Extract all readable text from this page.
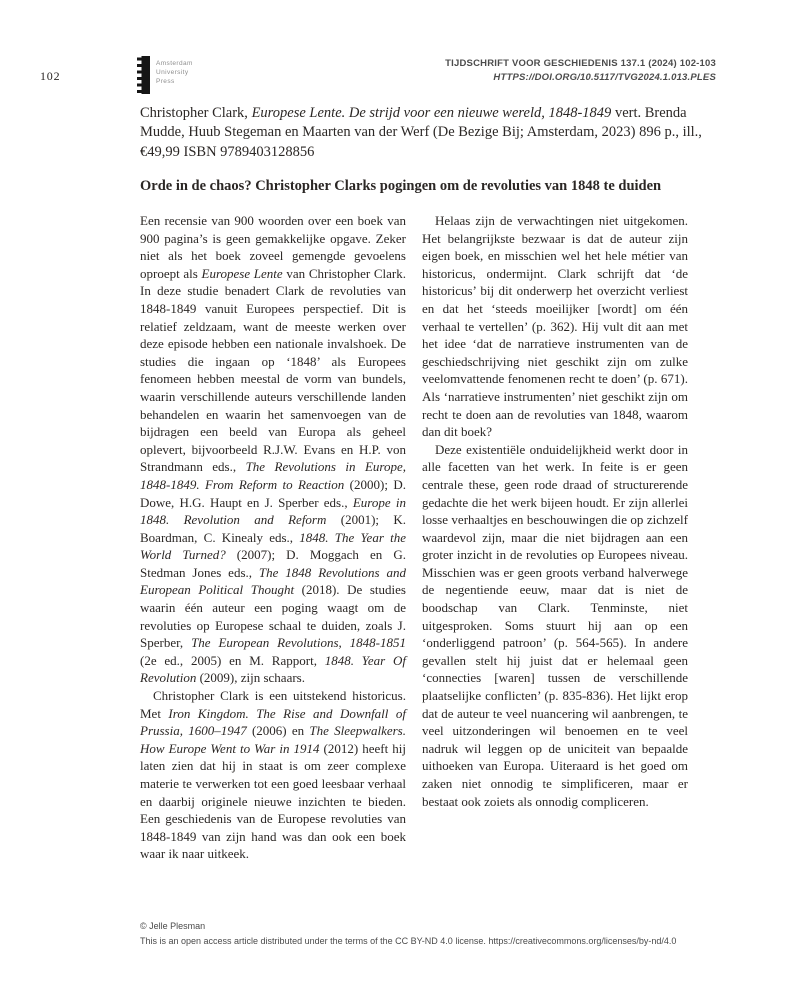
102
Amsterdam
University
Press
TIJDSCHRIFT VOOR GESCHIEDENIS 137.1 (2024) 102-103
HTTPS://DOI.ORG/10.5117/TVG2024.1.013.PLES

Christopher Clark, Europese Lente. De strijd voor een nieuwe wereld, 1848-1849 vert. Brenda Mudde, Huub Stegeman en Maarten van der Werf (De Bezige Bij; Amsterdam, 2023) 896 p., ill., €49,99 ISBN 9789403128856

Orde in de chaos? Christopher Clarks pogingen om de revoluties van 1848 te duiden

Een recensie van 900 woorden over een boek van 900 pagina’s is geen gemakkelijke opgave. Zeker niet als het boek zoveel gemengde gevoelens oproept als Europese Lente van Christopher Clark. In deze studie benadert Clark de revoluties van 1848-1849 vanuit Europees perspectief. Dit is relatief zeldzaam, want de meeste werken over deze episode hebben een nationale invalshoek. De studies die ingaan op ‘1848’ als Europees fenomeen hebben meestal de vorm van bundels, waarin verschillende auteurs verschillende landen behandelen en waarin het samenvoegen van de bijdragen een beeld van Europa als geheel oplevert, bijvoorbeeld R.J.W. Evans en H.P. von Strandmann eds., The Revolutions in Europe, 1848-1849. From Reform to Reaction (2000); D. Dowe, H.G. Haupt en J. Sperber eds., Europe in 1848. Revolution and Reform (2001); K. Boardman, C. Kinealy eds., 1848. The Year the World Turned? (2007); D. Moggach en G. Stedman Jones eds., The 1848 Revolutions and European Political Thought (2018). De studies waarin één auteur een poging waagt om de revoluties op Europese schaal te duiden, zoals J. Sperber, The European Revolutions, 1848-1851 (2e ed., 2005) en M. Rapport, 1848. Year Of Revolution (2009), zijn schaars.

Christopher Clark is een uitstekend historicus. Met Iron Kingdom. The Rise and Downfall of Prussia, 1600–1947 (2006) en The Sleepwalkers. How Europe Went to War in 1914 (2012) heeft hij laten zien dat hij in staat is om zeer complexe materie te verwerken tot een goed leesbaar verhaal en daarbij originele nieuwe inzichten te bieden. Een geschiedenis van de Europese revoluties van 1848-1849 van zijn hand was dan ook een boek waar ik naar uitkeek.

Helaas zijn de verwachtingen niet uitgekomen. Het belangrijkste bezwaar is dat de auteur zijn eigen boek, en misschien wel het hele métier van historicus, ondermijnt. Clark schrijft dat ‘de historicus’ bij dit onderwerp het overzicht verliest en dat het ‘steeds moeilijker [wordt] om één verhaal te vertellen’ (p. 362). Hij vult dit aan met het idee ‘dat de narratieve instrumenten van de geschiedschrijving niet geschikt zijn om zulke veelomvattende fenomenen recht te doen’ (p. 671). Als ‘narratieve instrumenten’ niet geschikt zijn om recht te doen aan de revoluties van 1848, waarom dan dit boek?

Deze existentiële onduidelijkheid werkt door in alle facetten van het werk. In feite is er geen centrale these, geen rode draad of structurerende gedachte die het werk bijeen houdt. Er zijn allerlei losse verhaaltjes en beschouwingen die op zichzelf waardevol zijn, maar die niet bijdragen aan een groter inzicht in de revoluties op Europees niveau. Misschien was er geen groots verband halverwege de negentiende eeuw, maar dat is niet de boodschap van Clark. Tenminste, niet uitgesproken. Soms stuurt hij aan op een ‘onderliggend patroon’ (p. 564-565). In andere gevallen stelt hij juist dat er helemaal geen ‘connecties [waren] tussen de verschillende plaatselijke conflicten’ (p. 835-836). Het lijkt erop dat de auteur te veel nuancering wil aanbrengen, te veel uitzonderingen wil benoemen en te veel nadruk wil leggen op de uniciteit van bepaalde uithoeken van Europa. Uiteraard is het goed om zaken niet onnodig te simplificeren, maar er bestaat ook zoiets als onnodig compliceren.

© Jelle Plesman
This is an open access article distributed under the terms of the CC BY-ND 4.0 license. https://creativecommons.org/licenses/by-nd/4.0
